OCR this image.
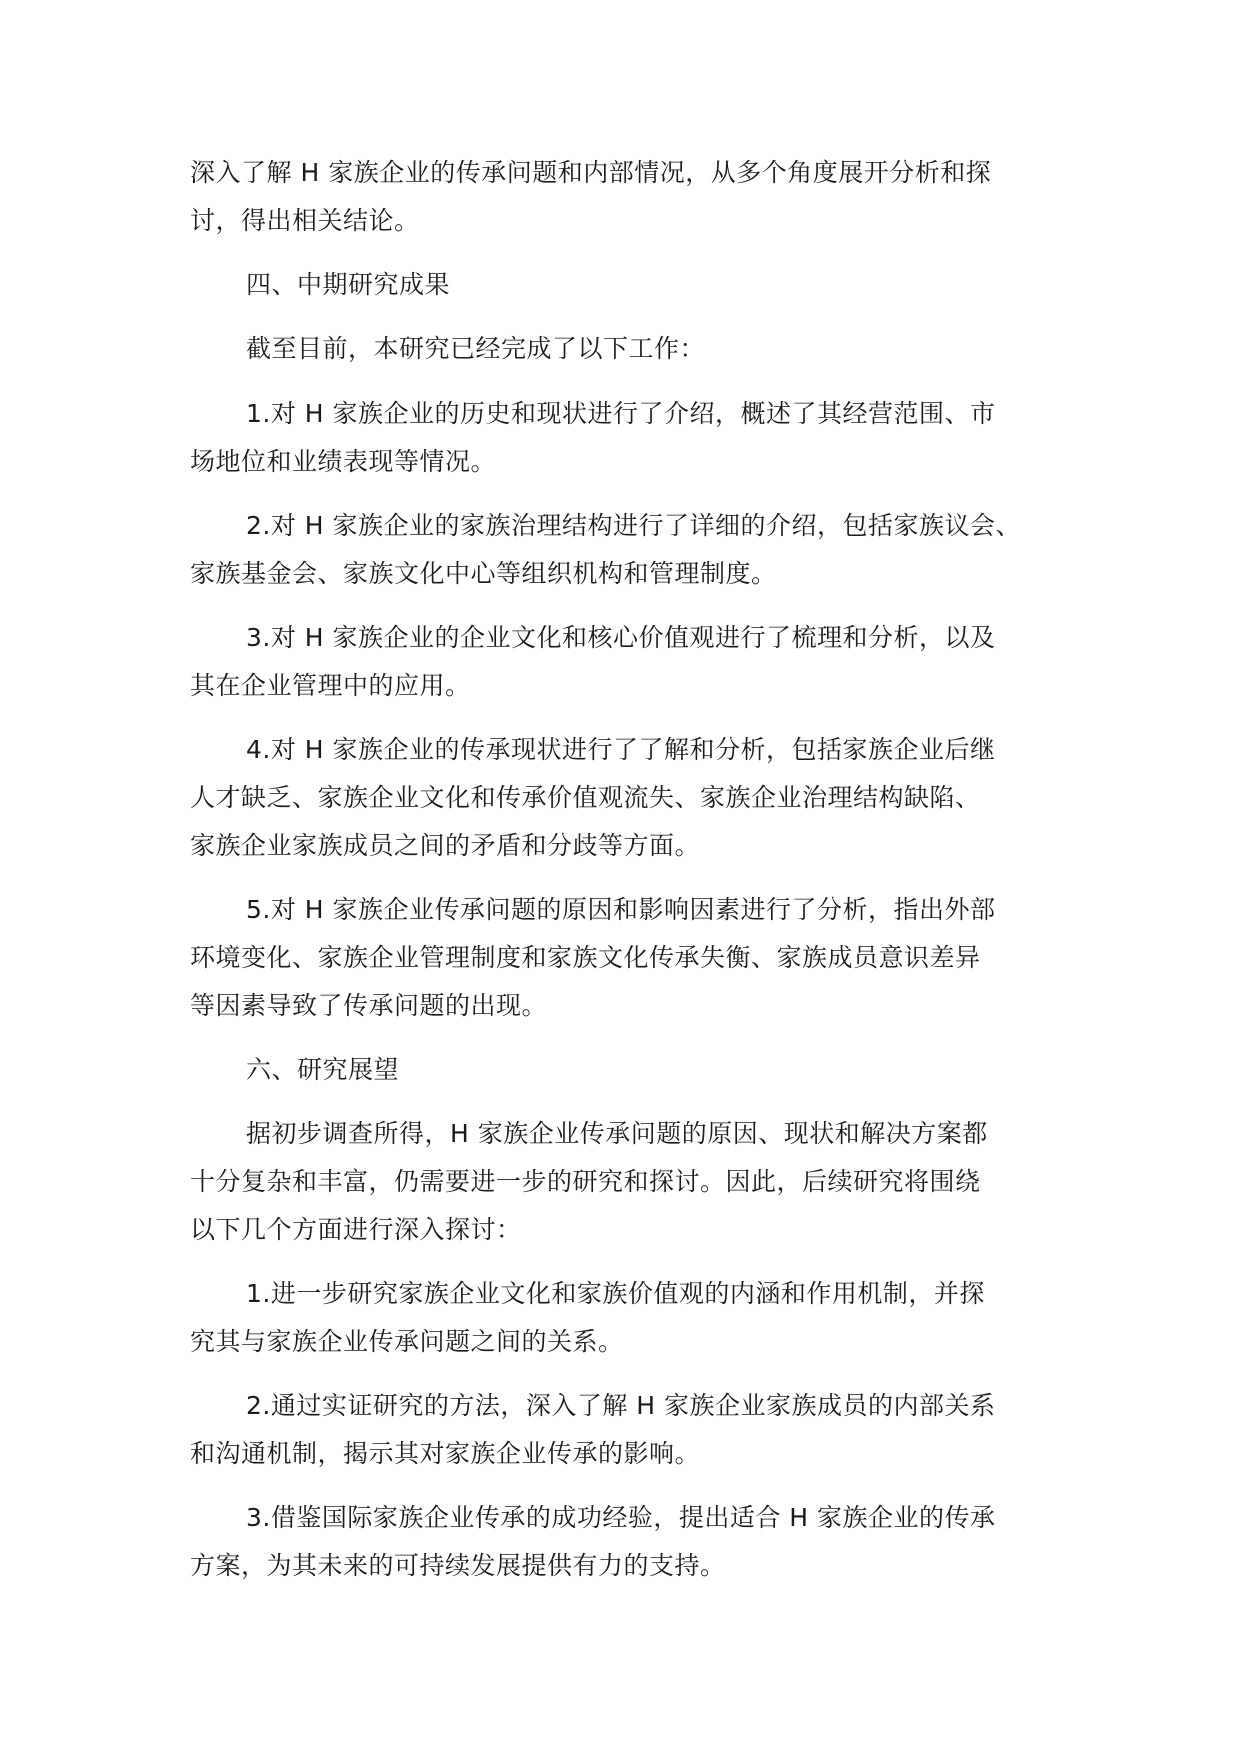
深入了解 H 家族企业的传承问题和内部情况，从多个角度展开分析和探
讨，得出相关结论。
四、中期研究成果
截至目前，本研究已经完成了以下工作：
1.对 H 家族企业的历史和现状进行了介绍，概述了其经营范围、市
场地位和业绩表现等情况。
2.对 H 家族企业的家族治理结构进行了详细的介绍，包括家族议会、
家族基金会、家族文化中心等组织机构和管理制度。
3.对 H 家族企业的企业文化和核心价值观进行了梳理和分析，以及
其在企业管理中的应用。
4.对 H 家族企业的传承现状进行了了解和分析，包括家族企业后继
人才缺乏、家族企业文化和传承价值观流失、家族企业治理结构缺陷、
家族企业家族成员之间的矛盾和分歧等方面。
5.对 H 家族企业传承问题的原因和影响因素进行了分析，指出外部
环境变化、家族企业管理制度和家族文化传承失衡、家族成员意识差异
等因素导致了传承问题的出现。
六、研究展望
据初步调查所得，H 家族企业传承问题的原因、现状和解决方案都
十分复杂和丰富，仍需要进一步的研究和探讨。因此，后续研究将围绕
以下几个方面进行深入探讨：
1.进一步研究家族企业文化和家族价值观的内涵和作用机制，并探
究其与家族企业传承问题之间的关系。
2.通过实证研究的方法，深入了解 H 家族企业家族成员的内部关系
和沟通机制，揭示其对家族企业传承的影响。
3.借鉴国际家族企业传承的成功经验，提出适合 H 家族企业的传承
方案，为其未来的可持续发展提供有力的支持。
